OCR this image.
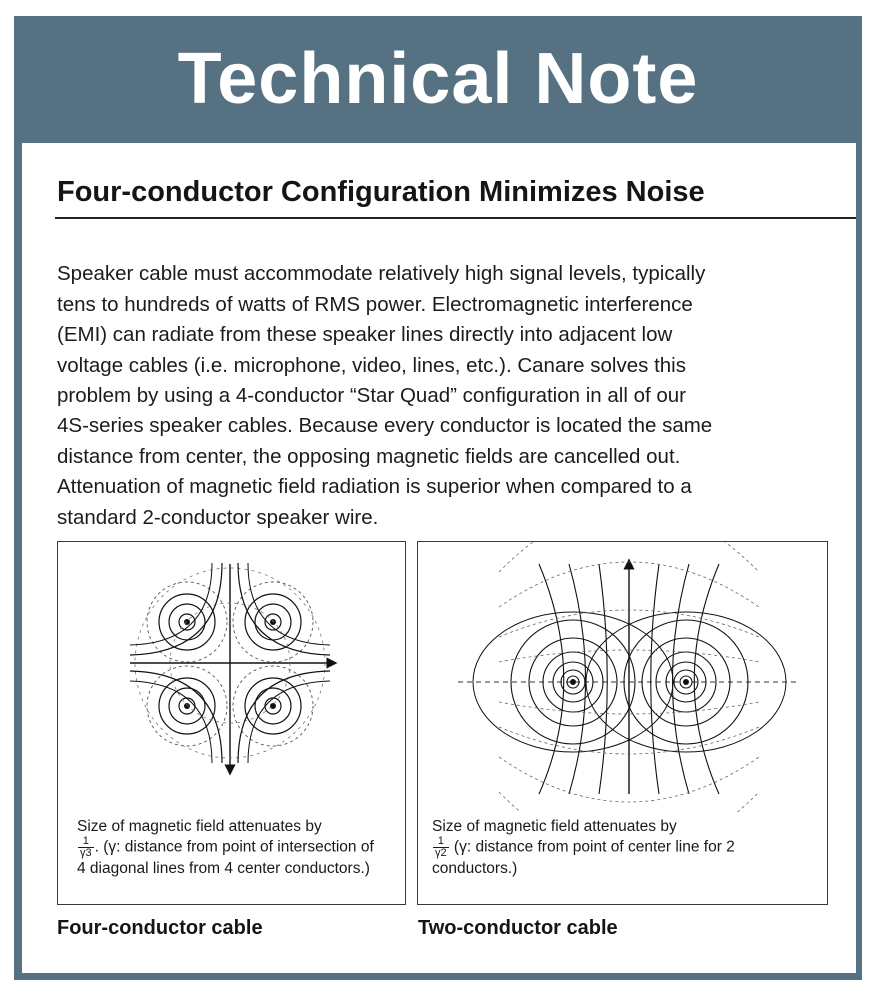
Technical Note
Four-conductor Configuration Minimizes Noise

Speaker cable must accommodate relatively high signal levels, typically
tens to hundreds of watts of RMS power. Electromagnetic interference
(EMI) can radiate from these speaker lines directly into adjacent low
voltage cables (i.e. microphone, video, lines, etc.). Canare solves this
problem by using a 4-conductor “Star Quad” configuration in all of our
4S-series speaker cables. Because every conductor is located the same
distance from center, the opposing magnetic fields are cancelled out.
Attenuation of magnetic field radiation is superior when compared to a
standard 2-conductor speaker wire.

Size of magnetic field attenuates by

$\frac{1}{\gamma 3}$ . (γ: distance from point of intersection of 4 diagonal lines from 4 center conductors.)
Size of magnetic field attenuates by

$\frac{1}{\gamma 2} (\gamma$: distance from point of center line for 2 conductors.)

Four-conductor cable	Two-conductor cable
